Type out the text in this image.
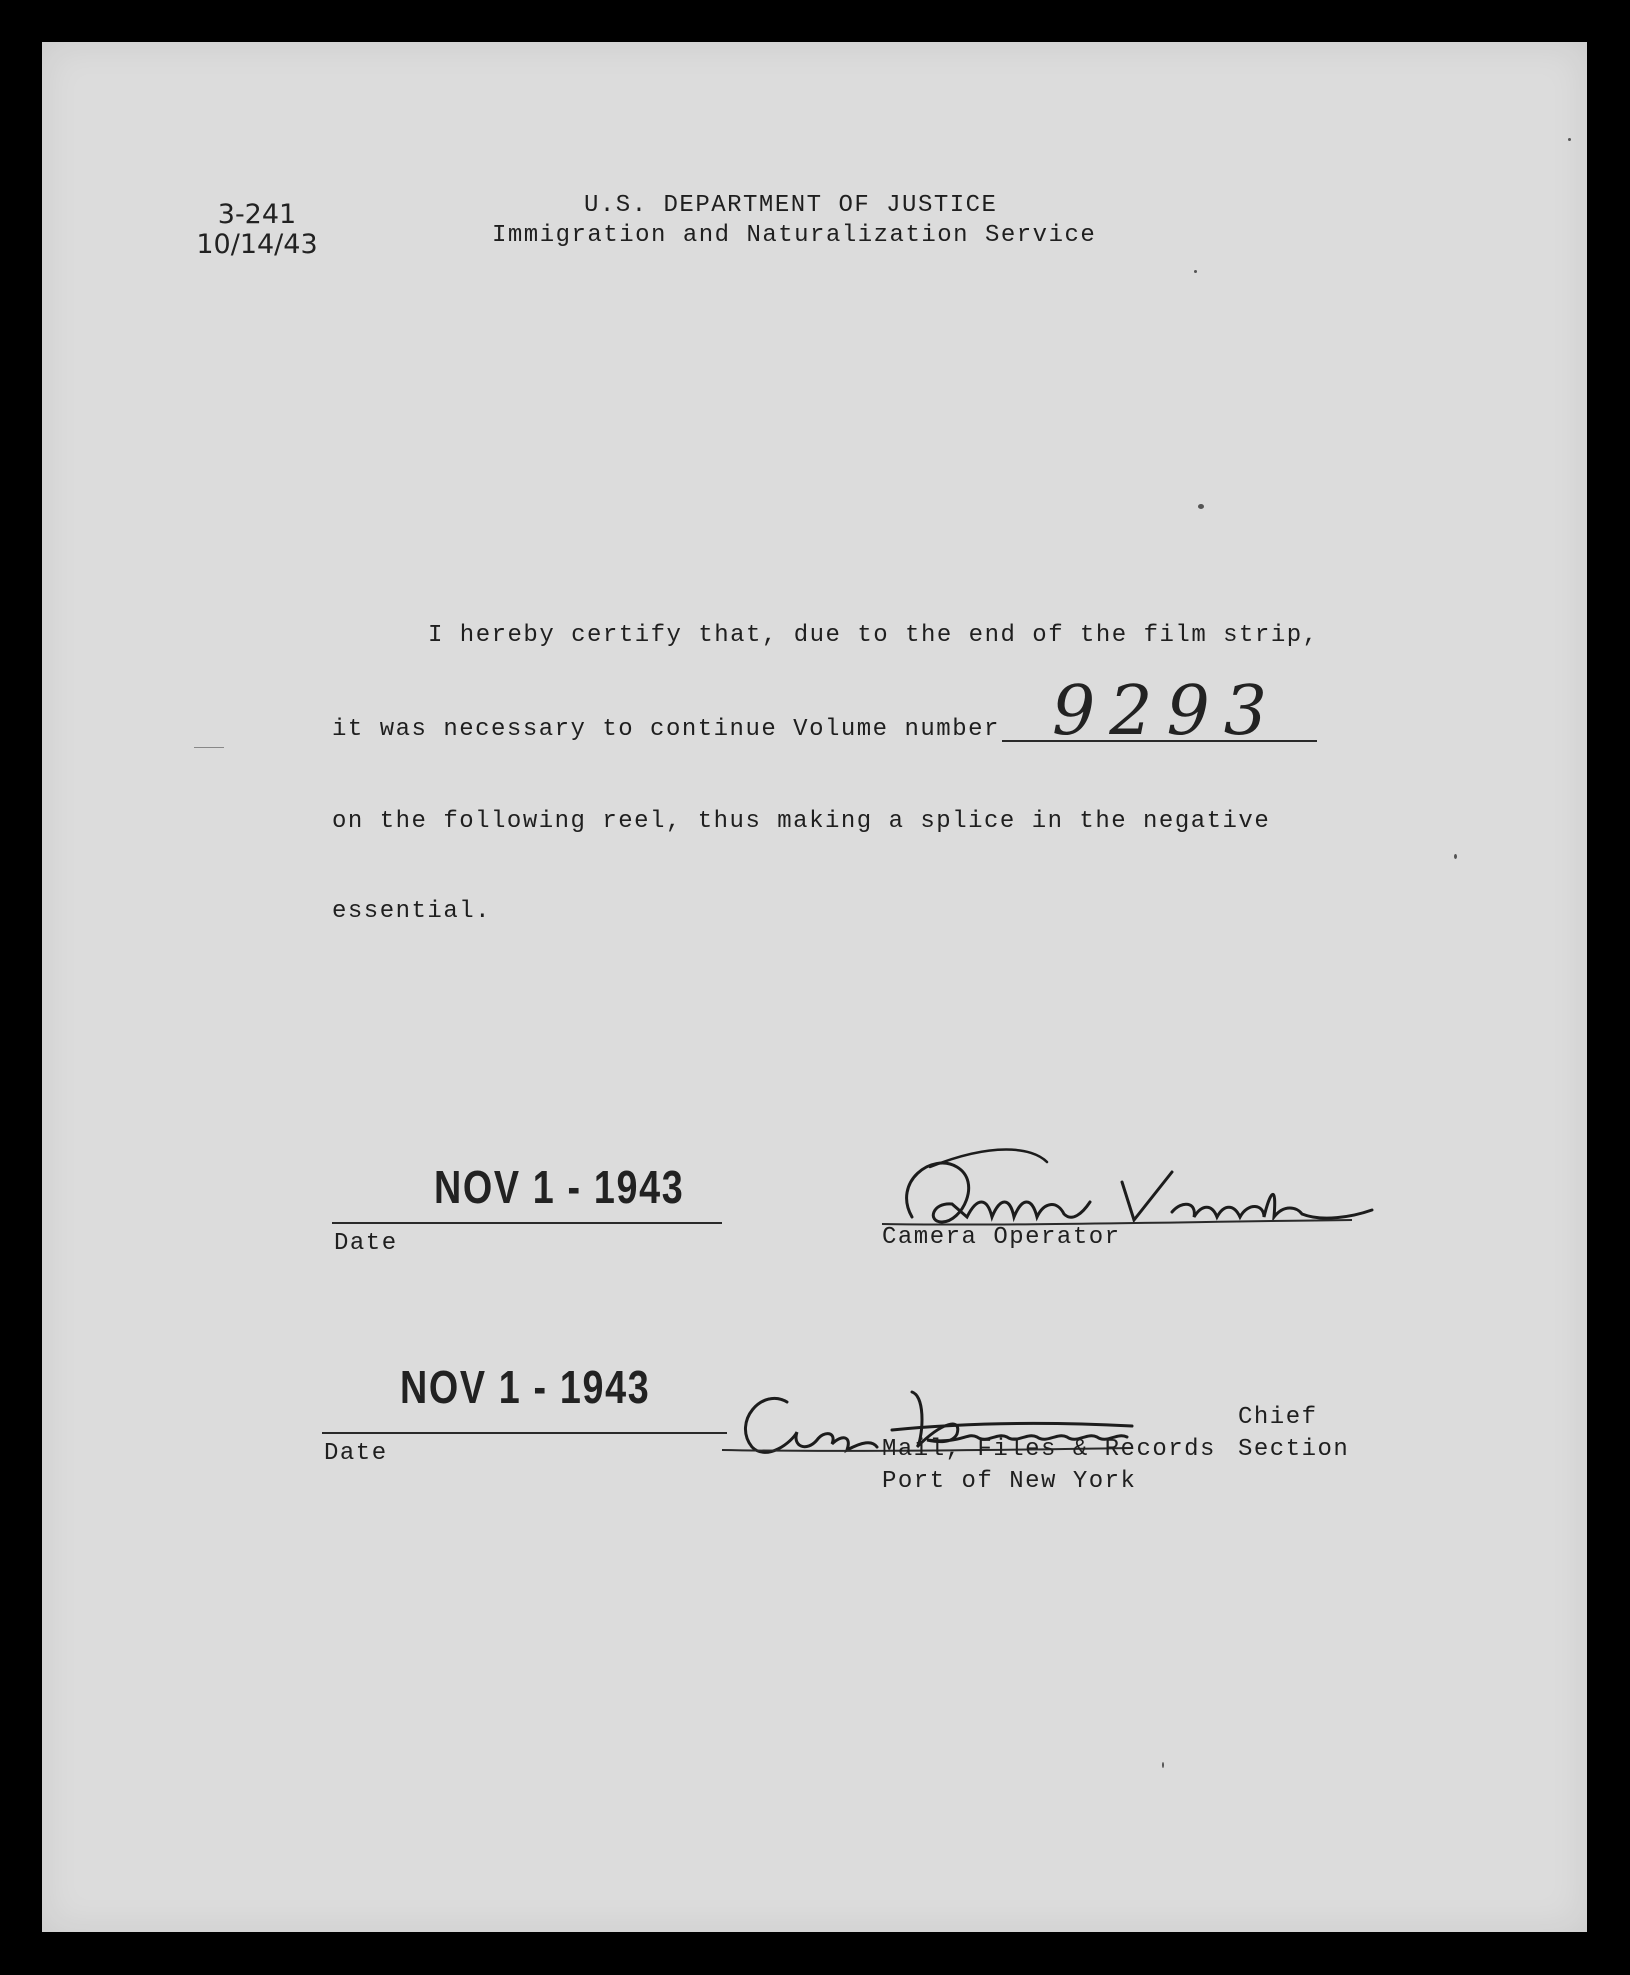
3-241
10/14/43
U.S. DEPARTMENT OF JUSTICE
Immigration and Naturalization Service
I hereby certify that, due to the end of the film strip,
it was necessary to continue Volume number 9293
on the following reel, thus making a splice in the negative
essential.
NOV 1 - 1943
Date	Camera Operator
NOV 1 - 1943
Date
Chief
Mail, Files & Records Section
Port of New York
